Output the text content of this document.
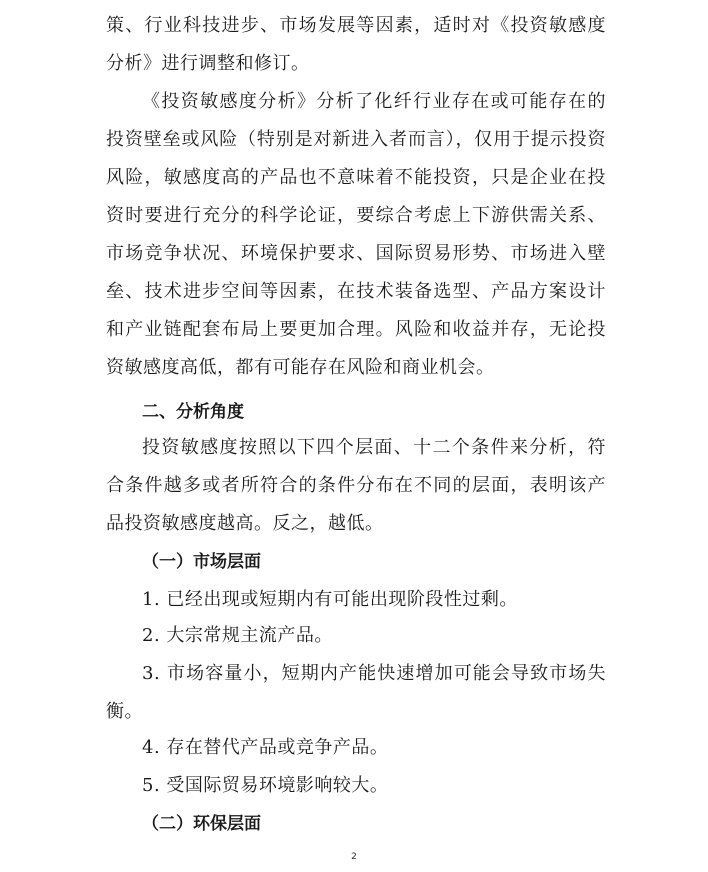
策、行业科技进步、市场发展等因素，适时对《投资敏感度
分析》进行调整和修订。
《投资敏感度分析》分析了化纤行业存在或可能存在的
投资壁垒或风险（特别是对新进入者而言），仅用于提示投资
风险，敏感度高的产品也不意味着不能投资，只是企业在投
资时要进行充分的科学论证，要综合考虑上下游供需关系、
市场竞争状况、环境保护要求、国际贸易形势、市场进入壁
垒、技术进步空间等因素，在技术装备选型、产品方案设计
和产业链配套布局上要更加合理。风险和收益并存，无论投
资敏感度高低，都有可能存在风险和商业机会。
二、分析角度
投资敏感度按照以下四个层面、十二个条件来分析，符
合条件越多或者所符合的条件分布在不同的层面，表明该产
品投资敏感度越高。反之，越低。
（一）市场层面
1. 已经出现或短期内有可能出现阶段性过剩。
2. 大宗常规主流产品。
3. 市场容量小，短期内产能快速增加可能会导致市场失
衡。
4. 存在替代产品或竞争产品。
5. 受国际贸易环境影响较大。
（二）环保层面
2
